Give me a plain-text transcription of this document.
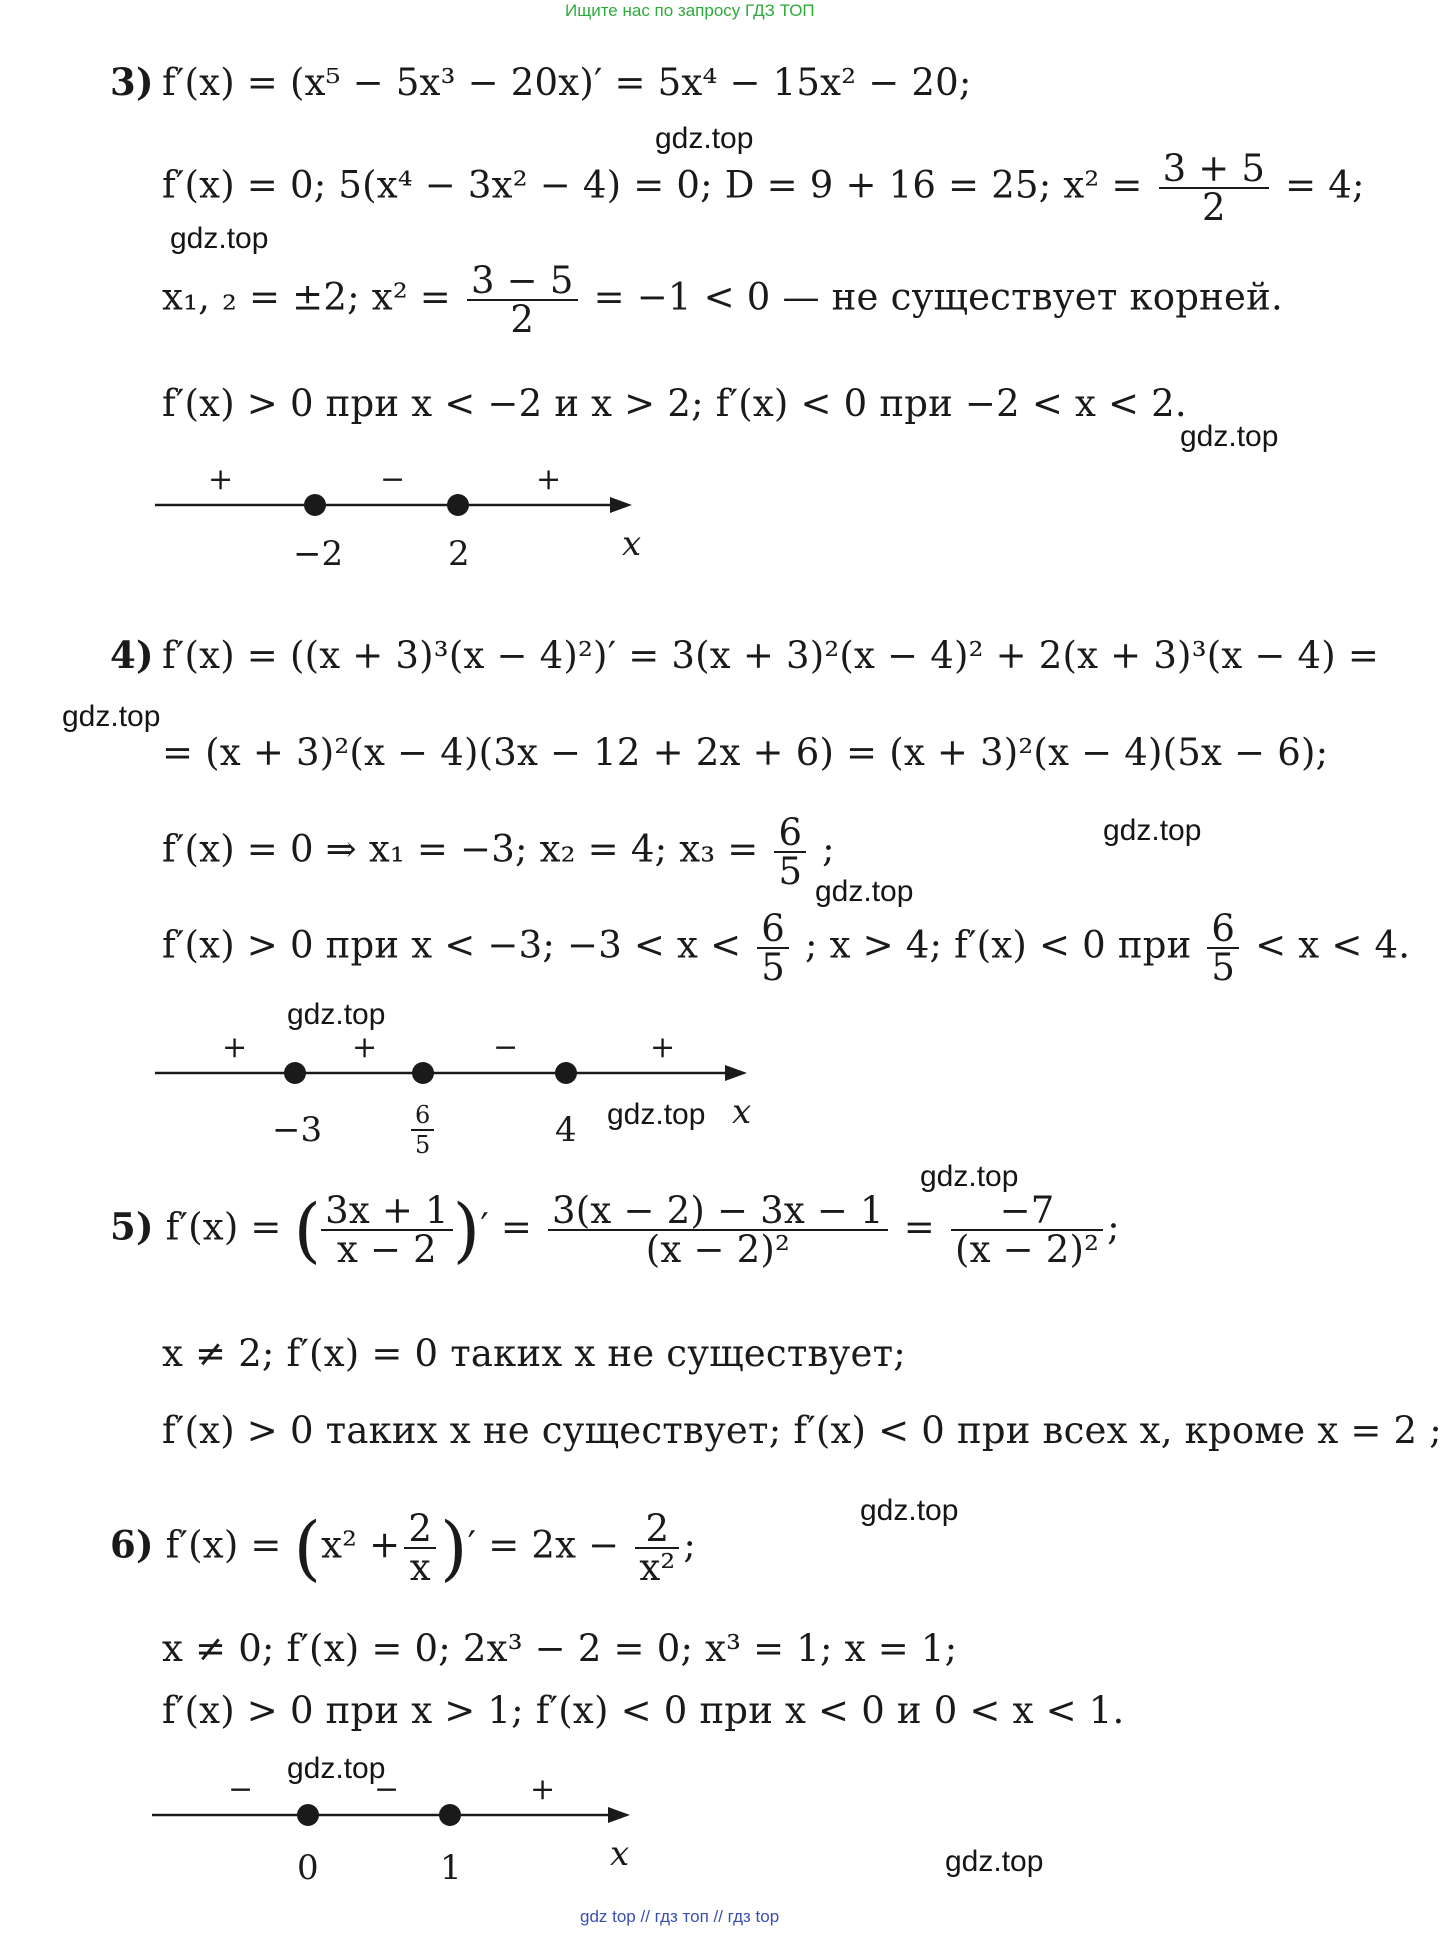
Ищите нас по запросу ГДЗ ТОП
gdz top // гдз топ // гдз top
gdz.top
gdz.top
gdz.top
gdz.top
gdz.top
gdz.top
gdz.top
gdz.top
gdz.top
gdz.top
gdz.top
gdz.top
3) f′(x) = (x⁵ − 5x³ − 20x)′ = 5x⁴ − 15x² − 20;
f′(x) = 0; 5(x⁴ − 3x² − 4) = 0; D = 9 + 16 = 25; $x^2 = \frac{3 + 5}{2} = 4$;
x₁, ₂ = ±2; $x^2 = \frac{3 - 5}{2} = -1 < 0$ — не существует корней.
f′(x) > 0 при x < −2 и x > 2; f′(x) < 0 при −2 < x < 2.
+	−	+
−2	2	x
4) f′(x) = ((x + 3)³(x − 4)²)′ = 3(x + 3)²(x − 4)² + 2(x + 3)³(x − 4) =
= (x + 3)²(x − 4)(3x − 12 + 2x + 6) = (x + 3)²(x − 4)(5x − 6);
f′(x) = 0 ⇒ x₁ = −3; x₂ = 4; $x_3 = \frac{6}{5}$ ;
f′(x) > 0 при x < −3; $-3 < x < \frac{6}{5}$ ; x > 4; f′(x) < 0 при $\frac{6}{5} < x < 4$.
+	+	−	+
−3	$\frac{6}{5}$	4	x
5) f′(x) = ( $\frac{3x + 1}{x - 2}$ )′ = $\frac{3(x - 2) - 3x - 1}{\text{(x − 2)²}} = \frac{-7}{\text{(x − 2)²}}$ ;
x ≠ 2; f′(x) = 0 таких x не существует;
f′(x) > 0 таких x не существует; f′(x) < 0 при всех x, кроме x = 2 ;
6) $f'(x) = (x^2 + \frac{2}{x}$ )′ = $2x - \frac{2}{\text{x²}}$ ;
x ≠ 0; f′(x) = 0; 2x³ − 2 = 0; x³ = 1; x = 1;
f′(x) > 0 при x > 1; f′(x) < 0 при x < 0 и 0 < x < 1.
−	−	+
0	1	x
